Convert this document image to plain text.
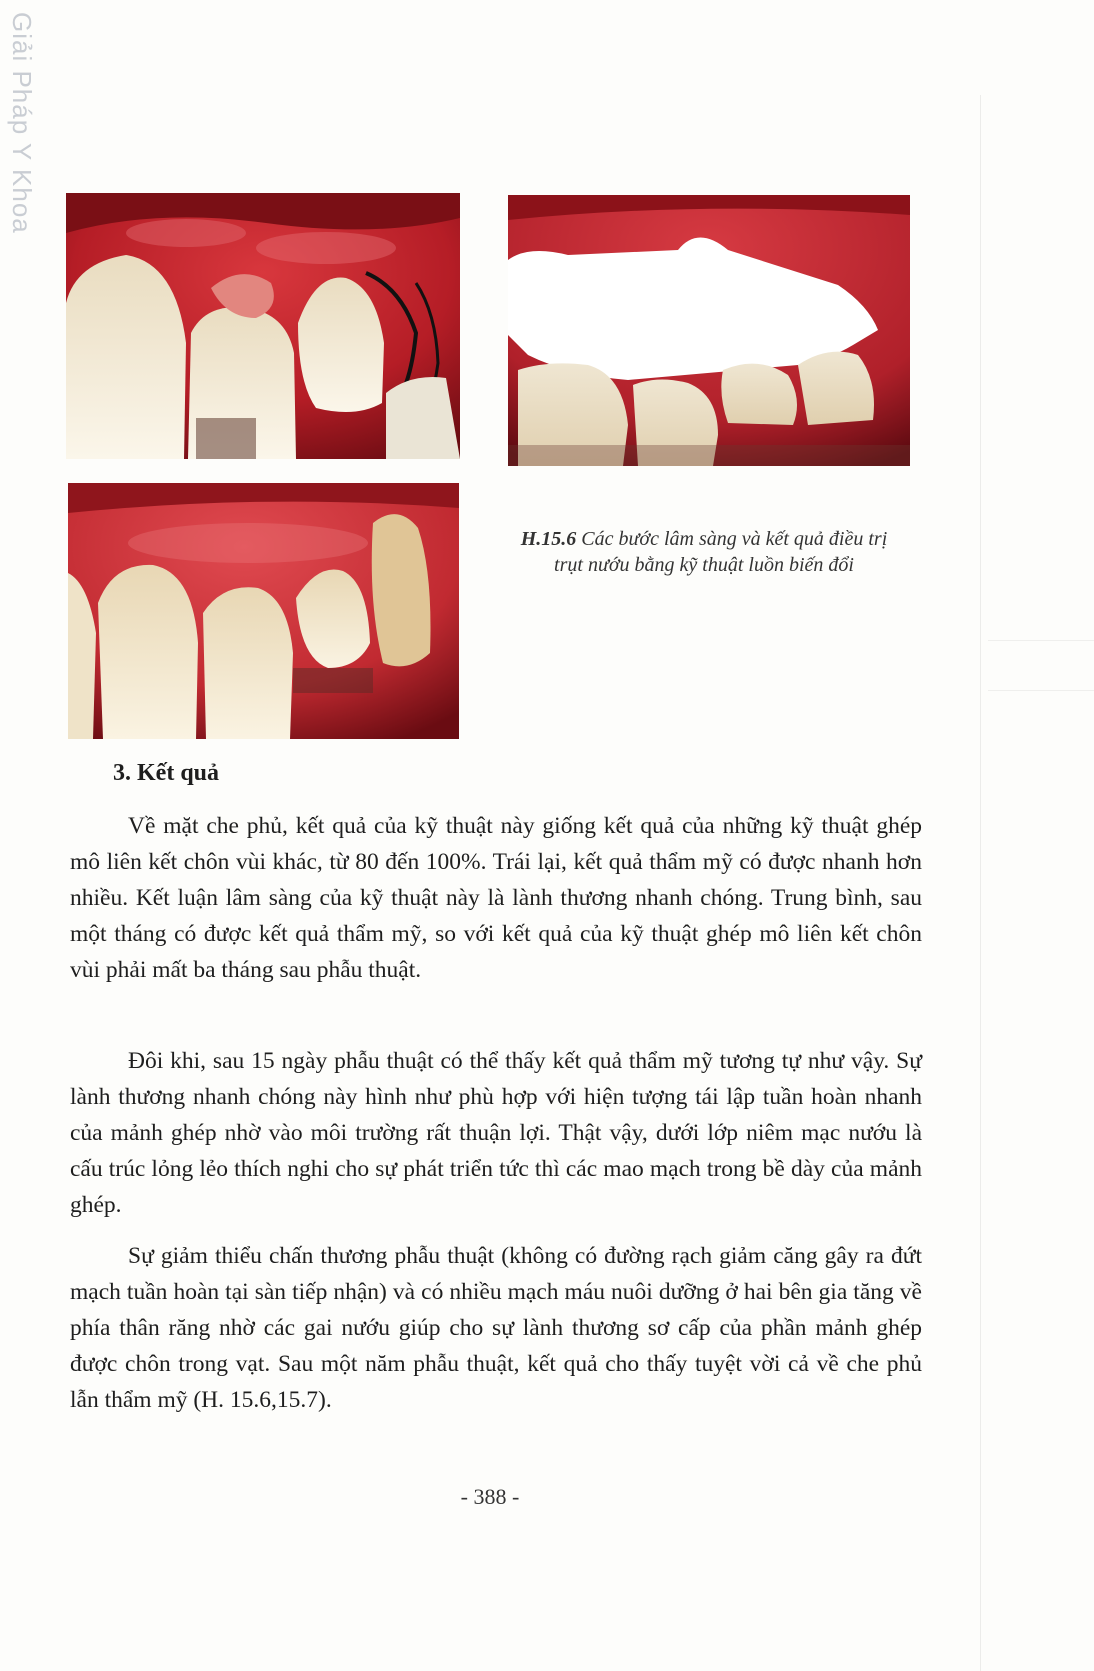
Giải Pháp Y Khoa
H.15.6 Các bước lâm sàng và kết quả điều trị trụt nướu bằng kỹ thuật luồn biến đổi
3. Kết quả

Về mặt che phủ, kết quả của kỹ thuật này giống kết quả của những kỹ thuật ghép mô liên kết chôn vùi khác, từ 80 đến 100%. Trái lại, kết quả thẩm mỹ có được nhanh hơn nhiều. Kết luận lâm sàng của kỹ thuật này là lành thương nhanh chóng. Trung bình, sau một tháng có được kết quả thẩm mỹ, so với kết quả của kỹ thuật ghép mô liên kết chôn vùi phải mất ba tháng sau phẫu thuật.

Đôi khi, sau 15 ngày phẫu thuật có thể thấy kết quả thẩm mỹ tương tự như vậy. Sự lành thương nhanh chóng này hình như phù hợp với hiện tượng tái lập tuần hoàn nhanh của mảnh ghép nhờ vào môi trường rất thuận lợi. Thật vậy, dưới lớp niêm mạc nướu là cấu trúc lỏng lẻo thích nghi cho sự phát triển tức thì các mao mạch trong bề dày của mảnh ghép.

Sự giảm thiểu chấn thương phẫu thuật (không có đường rạch giảm căng gây ra đứt mạch tuần hoàn tại sàn tiếp nhận) và có nhiều mạch máu nuôi dưỡng ở hai bên gia tăng về phía thân răng nhờ các gai nướu giúp cho sự lành thương sơ cấp của phần mảnh ghép được chôn trong vạt. Sau một năm phẫu thuật, kết quả cho thấy tuyệt vời cả về che phủ lẫn thẩm mỹ (H. 15.6,15.7).

- 388 -
